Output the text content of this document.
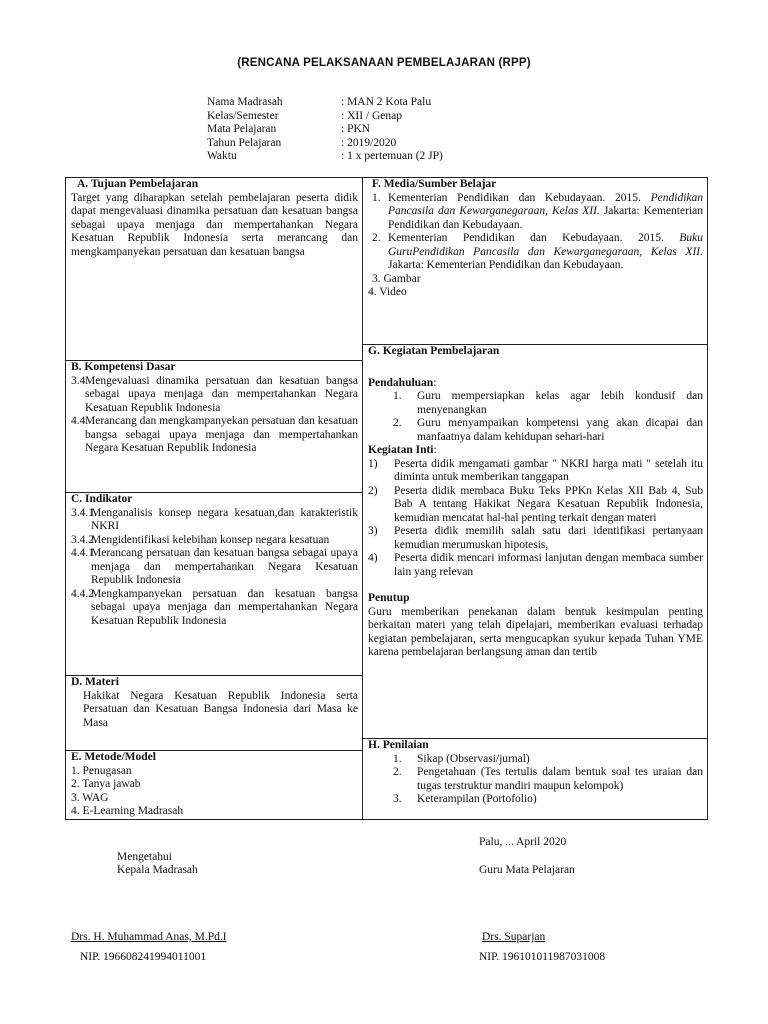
(RENCANA PELAKSANAAN PEMBELAJARAN (RPP)
Nama Madrasah	: MAN 2 Kota Palu
Kelas/Semester	: XII / Genap
Mata Pelajaran	: PKN
Tahun Pelajaran	: 2019/2020
Waktu	: 1 x pertemuan (2 JP)
A. Tujuan Pembelajaran

Target yang diharapkan setelah pembelajaran peserta didik dapat mengevaluasi dinamika persatuan dan kesatuan bangsa sebagai upaya menjaga dan mempertahankan Negara Kesatuan Republik Indonesia serta merancang dan mengkampanyekan persatuan dan kesatuan bangsa

B. Kompetensi Dasar
3.4 Mengevaluasi dinamika persatuan dan kesatuan bangsa sebagai upaya menjaga dan mempertahankan Negara Kesatuan Republik Indonesia
4.4 Merancang dan mengkampanyekan persatuan dan kesatuan bangsa sebagai upaya menjaga dan mempertahankan Negara Kesatuan Republik Indonesia
C. Indikator
3.4.1.
Menganalisis konsep negara kesatuan,dan karakteristik NKRI
3.4.2.
Mengidentifikasi kelebihan konsep negara kesatuan
4.4.1
Merancang persatuan dan kesatuan bangsa sebagai upaya menjaga dan mempertahankan Negara Kesatuan Republik Indonesia
4.4.2
Mengkampanyekan persatuan dan kesatuan bangsa sebagai upaya menjaga dan mempertahankan Negara Kesatuan Republik Indonesia
D. Materi

Hakikat Negara Kesatuan Republik Indonesia serta Persatuan dan Kesatuan Bangsa Indonesia dari Masa ke Masa

E. Metode/Model

1. Penugasan

2. Tanya jawab

3. WAG

4. E-Learning Madrasah

F. Media/Sumber Belajar
1. Kementerian Pendidikan dan Kebudayaan. 2015. Pendidikan Pancasila dan Kewarganegaraan, Kelas XII. Jakarta: Kementerian Pendidikan dan Kebudayaan.
2. Kementerian Pendidikan dan Kebudayaan. 2015. Buku GuruPendidikan Pancasila dan Kewarganegaraan, Kelas XII. Jakarta: Kementerian Pendidikan dan Kebudayaan.

3. Gambar

4. Video

G. Kegiatan Pembelajaran

Pendahuluan:

1.	Guru mempersiapkan kelas agar lebih kondusif dan menyenangkan
2.	Guru menyampaikan kompetensi yang akan dicapai dan manfaatnya dalam kehidupan sehari-hari

Kegiatan Inti:

1)	Peserta didik mengamati gambar " NKRI harga mati " setelah itu diminta untuk memberikan tanggapan
2)	Peserta didik membaca Buku Teks PPKn Kelas XII Bab 4, Sub Bab A tentang Hakikat Negara Kesatuan Republik Indonesia, kemudian mencatat hal-hal penting terkait dengan materi
3)	Peserta didik memilih salah satu dari identifikasi pertanyaan kemudian merumuskan hipotesis,
4)	Peserta didik mencari informasi lanjutan dengan membaca sumber lain yang relevan

Penutup

Guru memberikan penekanan dalam bentuk kesimpulan penting berkaitan materi yang telah dipelajari, memberikan evaluasi terhadap kegiatan pembelajaran, serta mengucapkan syukur kepada Tuhan YME karena pembelajaran berlangsung aman dan tertib

H. Penilaian
1.	Sikap (Observasi/jurnal)
2.	Pengetahuan (Tes tertulis dalam bentuk soal tes uraian dan tugas terstruktur mandiri maupun kelompok)
3.	Keterampilan (Portofolio)
Palu, ... April 2020
Mengetahui
Kepala Madrasah	Guru Mata Pelajaran
Drs. H. Muhammad Anas, M.Pd.I
NIP. 196608241994011001
Drs. Suparjan
NIP. 196101011987031008
